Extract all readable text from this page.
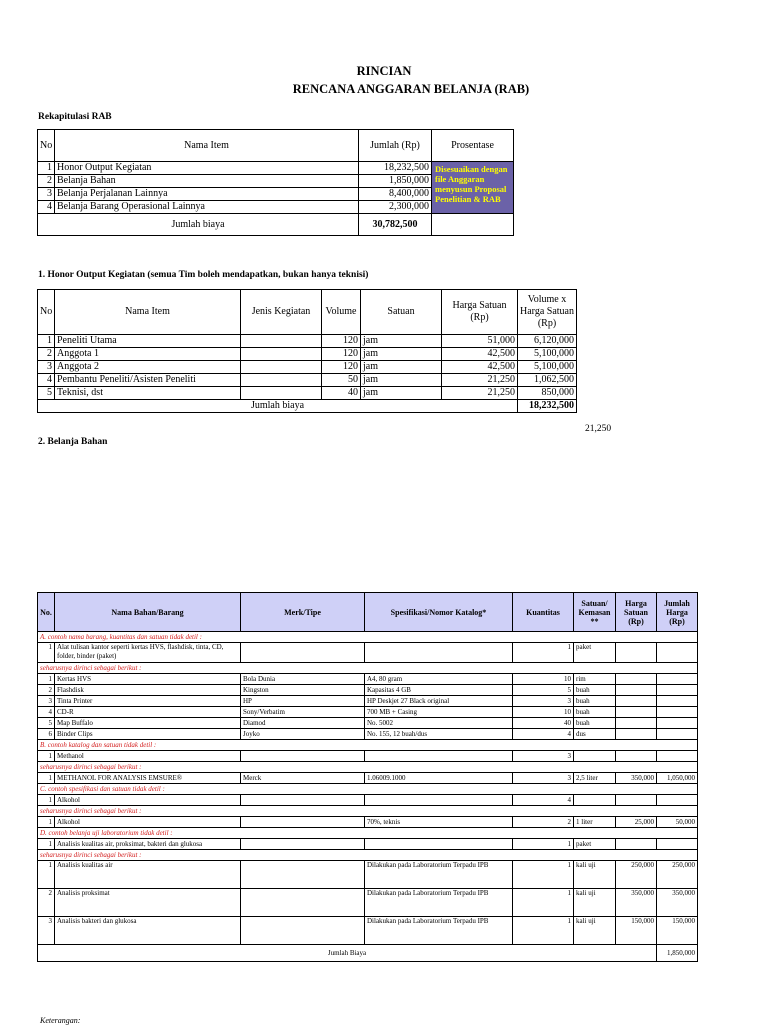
RINCIAN
RENCANA ANGGARAN BELANJA (RAB)
Rekapitulasi RAB
No	Nama Item	Jumlah (Rp)	Prosentase
1	Honor Output Kegiatan	18,232,500	Disesuaikan dengan file Anggaran menyusun Proposal Penelitian & RAB
2	Belanja Bahan	1,850,000	
3	Belanja Perjalanan Lainnya	8,400,000	
4	Belanja Barang Operasional Lainnya	2,300,000	
Jumlah biaya		30,782,500	
1. Honor Output Kegiatan (semua Tim boleh mendapatkan, bukan hanya teknisi)
No	Nama Item	Jenis Kegiatan	Volume	Satuan	Harga Satuan (Rp)	Volume x Harga Satuan (Rp)
1	Peneliti Utama		120	jam	51,000	6,120,000
2	Anggota 1		120	jam	42,500	5,100,000
3	Anggota 2		120	jam	42,500	5,100,000
4	Pembantu Peneliti/Asisten Peneliti		50	jam	21,250	1,062,500
5	Teknisi, dst		40	jam	21,250	850,000
Jumlah biaya						18,232,500
21,250
2. Belanja Bahan
No.	Nama Bahan/Barang	Merk/Tipe	Spesifikasi/Nomor Katalog*	Kuantitas	Satuan/ Kemasan **	Harga Satuan (Rp)	Jumlah Harga (Rp)
A. contoh nama barang, kuantitas dan satuan tidak detil :							
1	Alat tulisan kantor seperti kertas HVS, flashdisk, tinta, CD, folder, binder (paket)			1	paket		
seharusnya dirinci sebagai berikut :							
1	Kertas HVS	Bola Dunia	A4, 80 gram	10	rim		
2	Flashdisk	Kingston	Kapasitas 4 GB	5	buah		
3	Tinta Printer	HP	HP Deskjet 27 Black original	3	buah		
4	CD-R	Sony/Verbatim	700 MB + Casing	10	buah		
5	Map Buffalo	Diamod	No. 5002	40	buah		
6	Binder Clips	Joyko	No. 155, 12 buah/dus	4	dus		
B. contoh katalog dan satuan tidak detil :							
1	Methanol			3			
seharusnya dirinci sebagai berikut :							
1	METHANOL FOR ANALYSIS EMSURE®	Merck	1.06009.1000	3	2,5 liter	350,000	1,050,000
C. contoh spesifikasi dan satuan tidak detil :							
1	Alkohol			4			
seharusnya dirinci sebagai berikut :							
1	Alkohol		70%, teknis	2	1 liter	25,000	50,000
D. contoh belanja uji laboratorium tidak detil :							
1	Analisis kualitas air, proksimat, bakteri dan glukosa			1	paket		
seharusnya dirinci sebagai berikut :							
1	Analisis kualitas air		Dilakukan pada Laboratorium Terpadu IPB	1	kali uji	250,000	250,000
2	Analisis proksimat		Dilakukan pada Laboratorium Terpadu IPB	1	kali uji	350,000	350,000
3	Analisis bakteri dan glukosa		Dilakukan pada Laboratorium Terpadu IPB	1	kali uji	150,000	150,000
Jumlah Biaya							1,850,000
Keterangan:
